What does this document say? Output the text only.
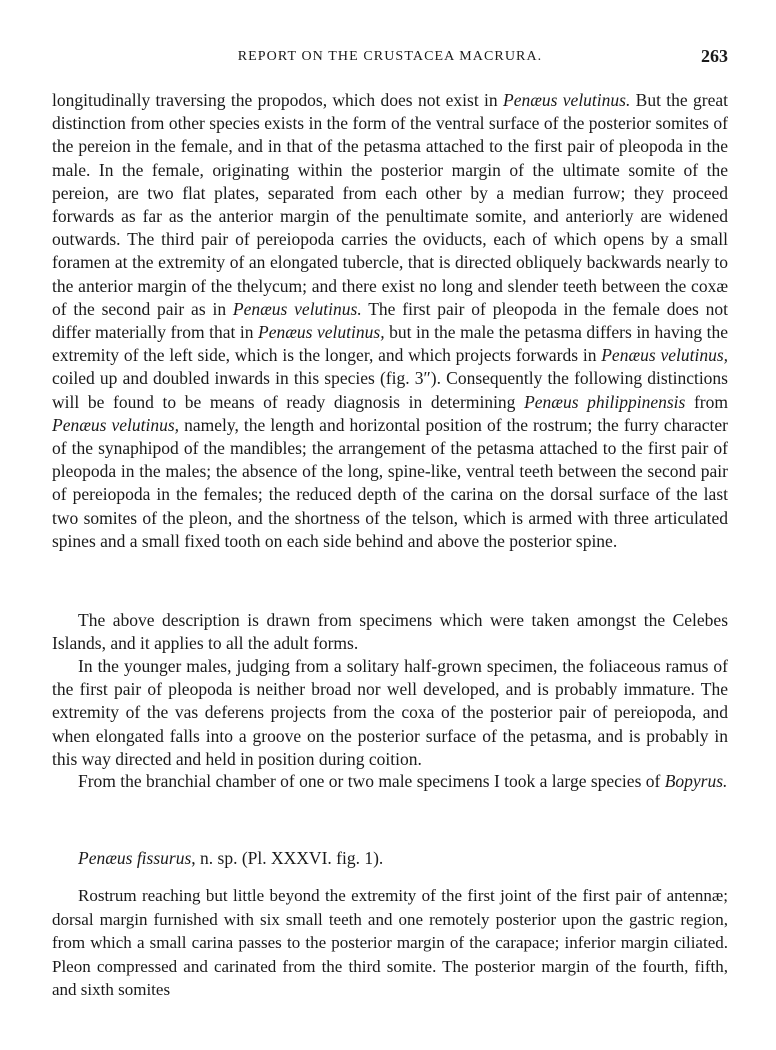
REPORT ON THE CRUSTACEA MACRURA.	263

longitudinally traversing the propodos, which does not exist in Penæus velutinus. But the great distinction from other species exists in the form of the ventral surface of the posterior somites of the pereion in the female, and in that of the petasma attached to the first pair of pleopoda in the male. In the female, originating within the posterior margin of the ultimate somite of the pereion, are two flat plates, separated from each other by a median furrow; they proceed forwards as far as the anterior margin of the penultimate somite, and anteriorly are widened outwards. The third pair of pereiopoda carries the oviducts, each of which opens by a small foramen at the extremity of an elongated tubercle, that is directed obliquely backwards nearly to the anterior margin of the thelycum; and there exist no long and slender teeth between the coxæ of the second pair as in Penæus velutinus. The first pair of pleopoda in the female does not differ materially from that in Penæus velutinus, but in the male the petasma differs in having the extremity of the left side, which is the longer, and which projects forwards in Penæus velutinus, coiled up and doubled inwards in this species (fig. 3″). Consequently the following distinctions will be found to be means of ready diagnosis in determining Penæus philippinensis from Penæus velutinus, namely, the length and horizontal position of the rostrum; the furry character of the synaphipod of the mandibles; the arrangement of the petasma attached to the first pair of pleopoda in the males; the absence of the long, spine-like, ventral teeth between the second pair of pereiopoda in the females; the reduced depth of the carina on the dorsal surface of the last two somites of the pleon, and the shortness of the telson, which is armed with three articulated spines and a small fixed tooth on each side behind and above the posterior spine.

The above description is drawn from specimens which were taken amongst the Celebes Islands, and it applies to all the adult forms.

In the younger males, judging from a solitary half-grown specimen, the foliaceous ramus of the first pair of pleopoda is neither broad nor well developed, and is probably immature. The extremity of the vas deferens projects from the coxa of the posterior pair of pereiopoda, and when elongated falls into a groove on the posterior surface of the petasma, and is probably in this way directed and held in position during coition.

From the branchial chamber of one or two male specimens I took a large species of Bopyrus.

Penæus fissurus, n. sp. (Pl. XXXVI. fig. 1).

Rostrum reaching but little beyond the extremity of the first joint of the first pair of antennæ; dorsal margin furnished with six small teeth and one remotely posterior upon the gastric region, from which a small carina passes to the posterior margin of the carapace; inferior margin ciliated. Pleon compressed and carinated from the third somite. The posterior margin of the fourth, fifth, and sixth somites
